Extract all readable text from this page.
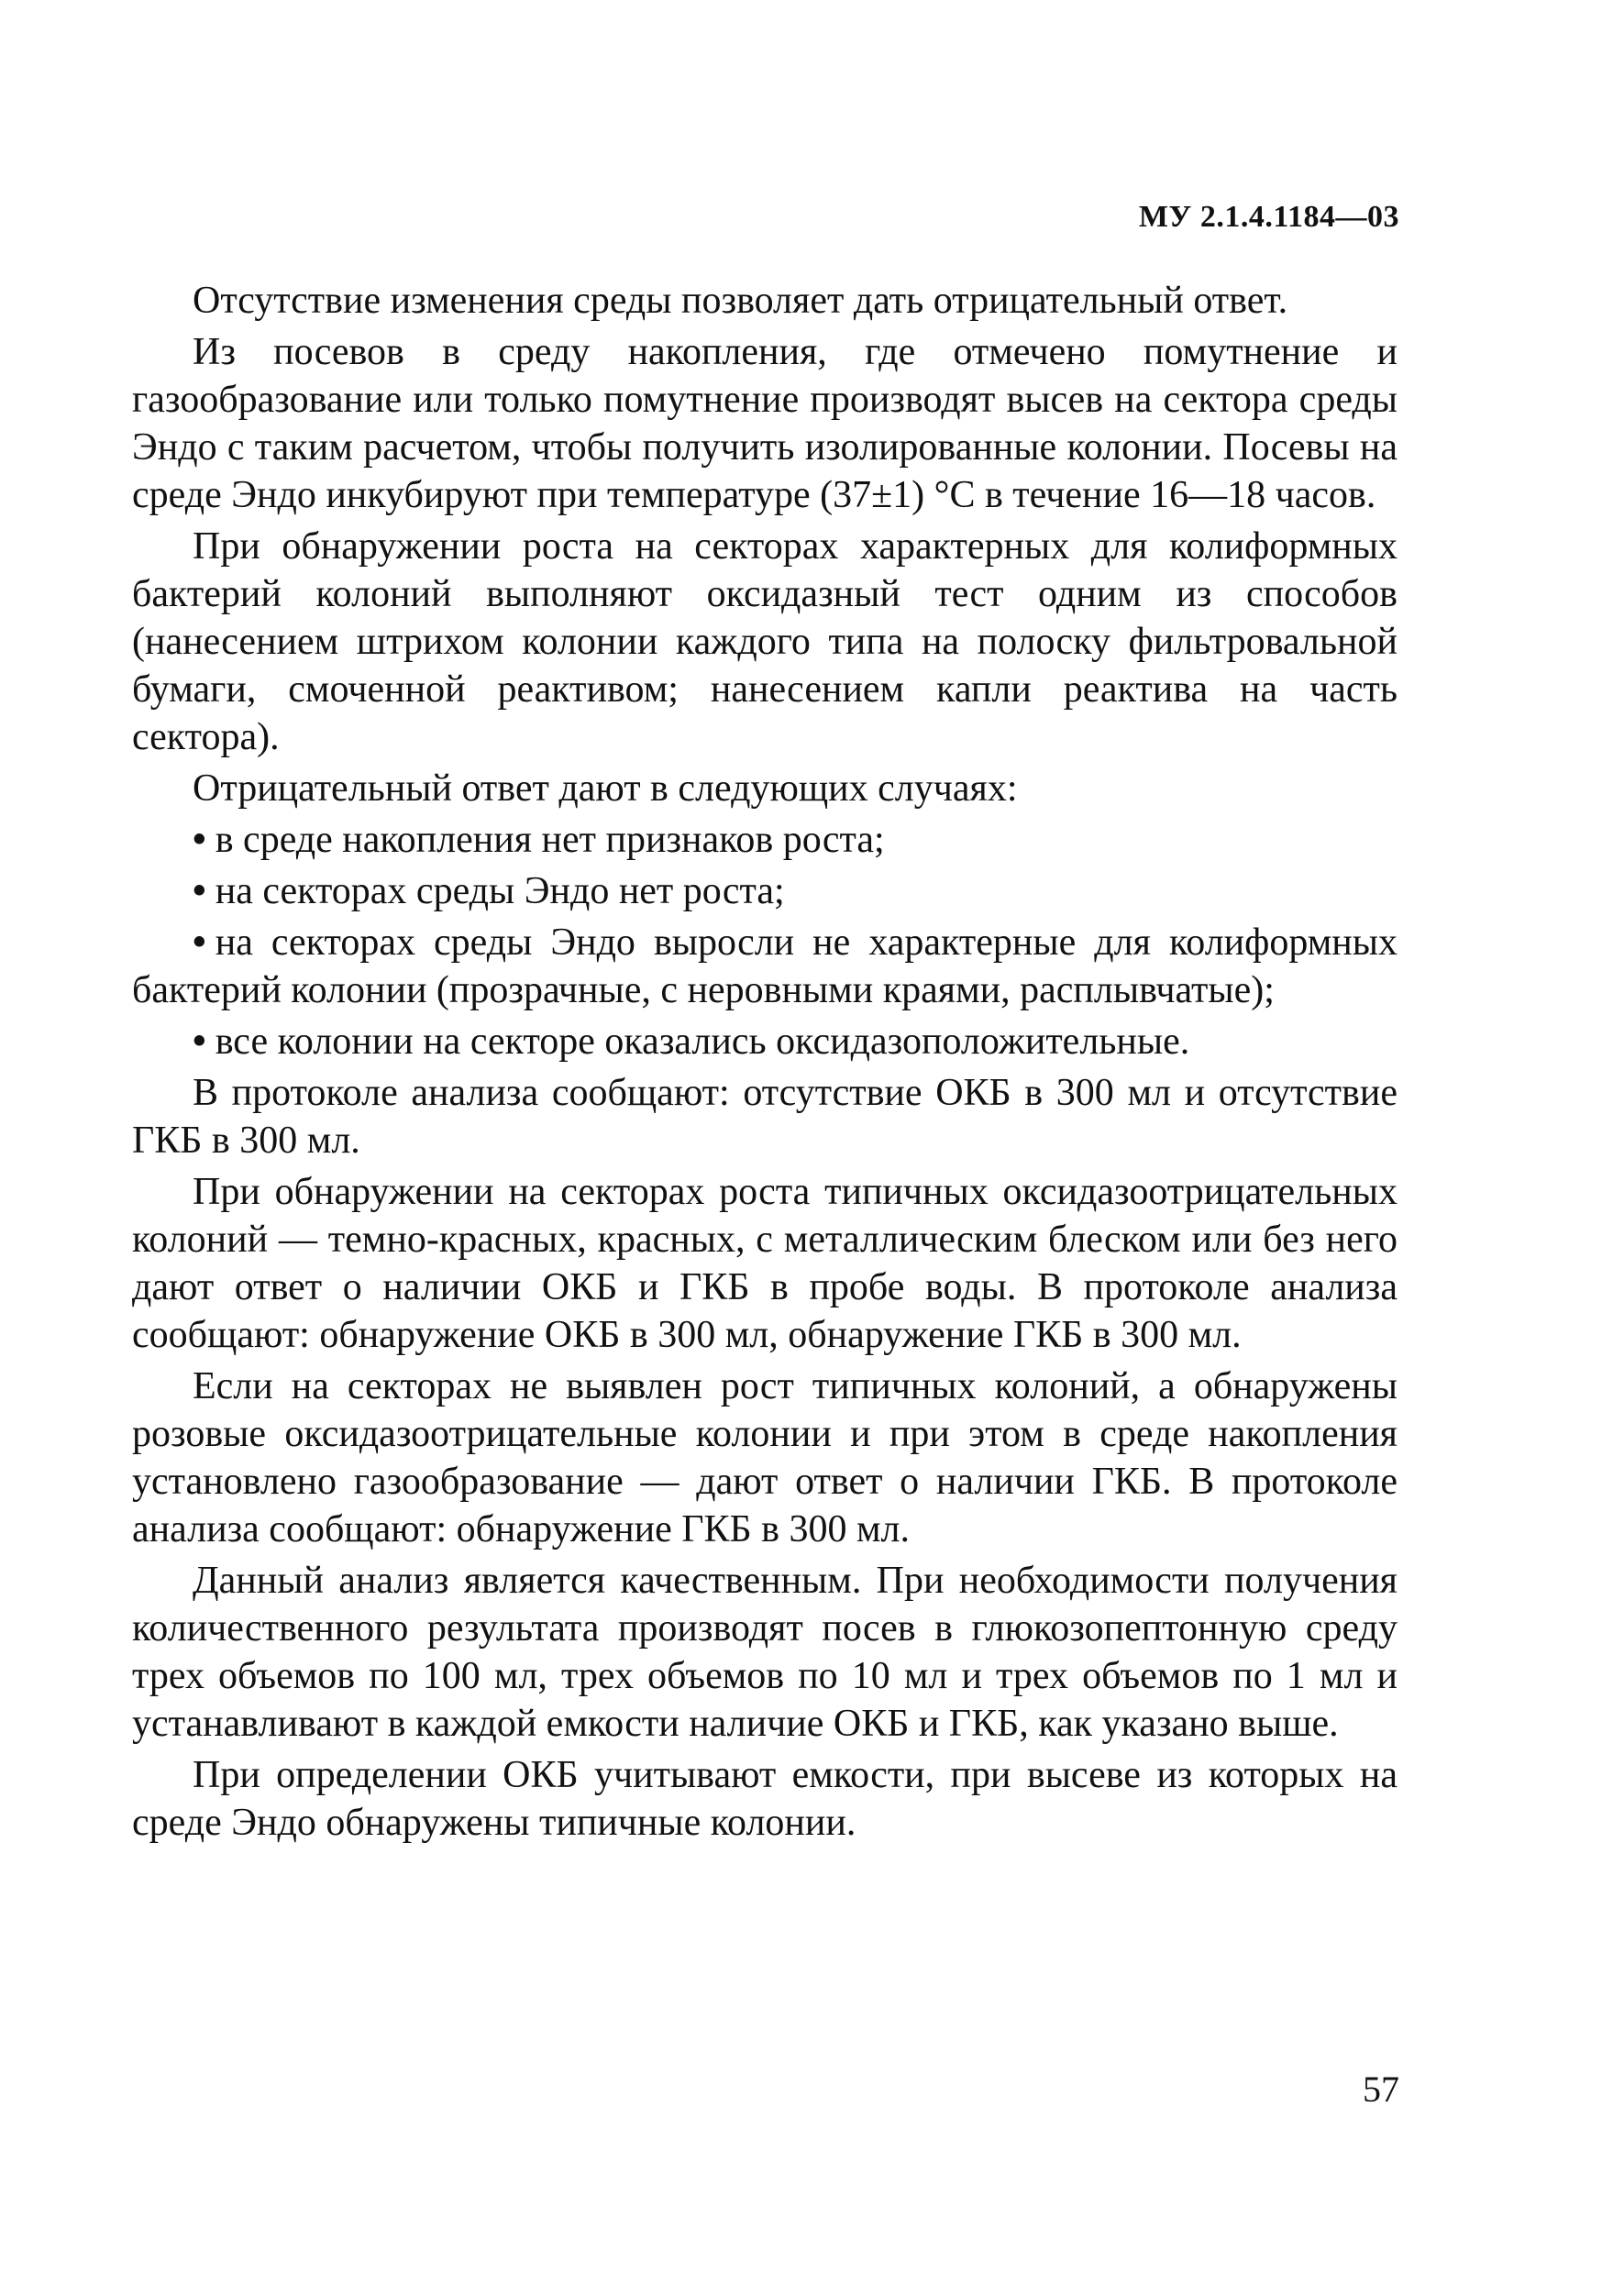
МУ 2.1.4.1184—03

Отсутствие изменения среды позволяет дать отрицательный ответ.

Из посевов в среду накопления, где отмечено помутнение и газообразование или только помутнение производят высев на сектора среды Эндо с таким расчетом, чтобы получить изолированные колонии. Посевы на среде Эндо инкубируют при температуре (37±1) °С в течение 16—18 часов.

При обнаружении роста на секторах характерных для колиформных бактерий колоний выполняют оксидазный тест одним из способов (нанесением штрихом колонии каждого типа на полоску фильтровальной бумаги, смоченной реактивом; нанесением капли реактива на часть сектора).

Отрицательный ответ дают в следующих случаях:

• в среде накопления нет признаков роста;
• на секторах среды Эндо нет роста;
• на секторах среды Эндо выросли не характерные для колиформных бактерий колонии (прозрачные, с неровными краями, расплывчатые);
• все колонии на секторе оказались оксидазоположительные.

В протоколе анализа сообщают: отсутствие ОКБ в 300 мл и отсутствие ГКБ в 300 мл.

При обнаружении на секторах роста типичных оксидазоотрицательных колоний — темно-красных, красных, с металлическим блеском или без него дают ответ о наличии ОКБ и ГКБ в пробе воды. В протоколе анализа сообщают: обнаружение ОКБ в 300 мл, обнаружение ГКБ в 300 мл.

Если на секторах не выявлен рост типичных колоний, а обнаружены розовые оксидазоотрицательные колонии и при этом в среде накопления установлено газообразование — дают ответ о наличии ГКБ. В протоколе анализа сообщают: обнаружение ГКБ в 300 мл.

Данный анализ является качественным. При необходимости получения количественного результата производят посев в глюкозопептонную среду трех объемов по 100 мл, трех объемов по 10 мл и трех объемов по 1 мл и устанавливают в каждой емкости наличие ОКБ и ГКБ, как указано выше.

При определении ОКБ учитывают емкости, при высеве из которых на среде Эндо обнаружены типичные колонии.

57
